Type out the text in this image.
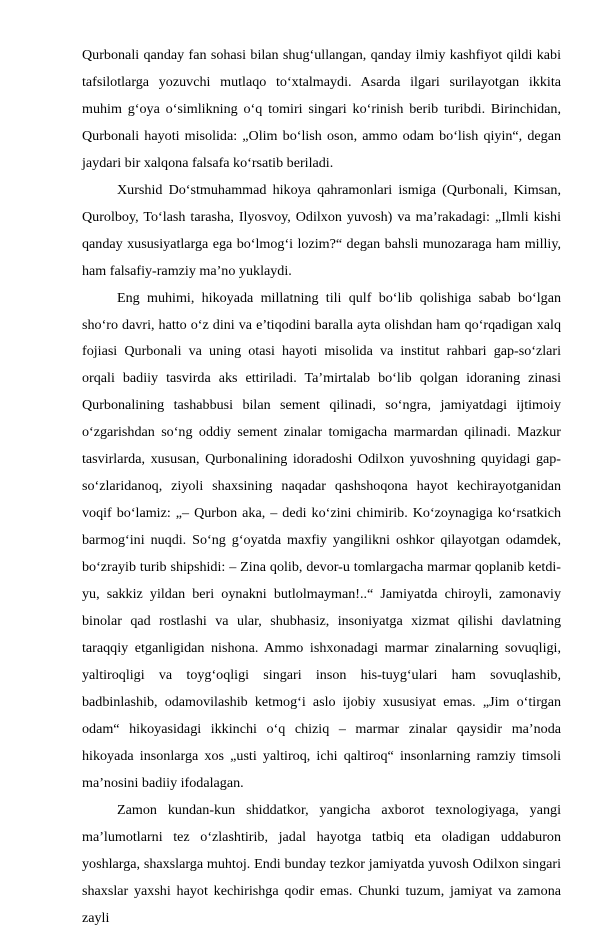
Qurbonali qanday fan sohasi bilan shug‘ullangan, qanday ilmiy kashfiyot qildi kabi tafsilotlarga yozuvchi mutlaqo to‘xtalmaydi. Asarda ilgari surilayotgan ikkita muhim g‘oya o‘simlikning o‘q tomiri singari ko‘rinish berib turibdi. Birinchidan, Qurbonali hayoti misolida: „Olim bo‘lish oson, ammo odam bo‘lish qiyin“, degan jaydari bir xalqona falsafa ko‘rsatib beriladi.

Xurshid Do‘stmuhammad hikoya qahramonlari ismiga (Qurbonali, Kimsan, Qurolboy, To‘lash tarasha, Ilyosvoy, Odilxon yuvosh) va ma’rakadagi: „Ilmli kishi qanday xususiyatlarga ega bo‘lmog‘i lozim?“ degan bahsli munozaraga ham milliy, ham falsafiy-ramziy ma’no yuklaydi.

Eng muhimi, hikoyada millatning tili qulf bo‘lib qolishiga sabab bo‘lgan sho‘ro davri, hatto o‘z dini va e’tiqodini baralla ayta olishdan ham qo‘rqadigan xalq fojiasi Qurbonali va uning otasi hayoti misolida va institut rahbari gap-so‘zlari orqali badiiy tasvirda aks ettiriladi. Ta’mirtalab bo‘lib qolgan idoraning zinasi Qurbonalining tashabbusi bilan sement qilinadi, so‘ngra, jamiyatdagi ijtimoiy o‘zgarishdan so‘ng oddiy sement zinalar tomigacha marmardan qilinadi. Mazkur tasvirlarda, xususan, Qurbonalining idoradoshi Odilxon yuvoshning quyidagi gap-so‘zlaridanoq, ziyoli shaxsining naqadar qashshoqona hayot kechirayotganidan voqif bo‘lamiz: „– Qurbon aka, – dedi ko‘zini chimirib. Ko‘zoynagiga ko‘rsatkich barmog‘ini nuqdi. So‘ng g‘oyatda maxfiy yangilikni oshkor qilayotgan odamdek, bo‘zrayib turib shipshidi: – Zina qolib, devor-u tomlargacha marmar qoplanib ketdi-yu, sakkiz yildan beri oynakni butlolmayman!..“ Jamiyatda chiroyli, zamonaviy binolar qad rostlashi va ular, shubhasiz, insoniyatga xizmat qilishi davlatning taraqqiy etganligidan nishona. Ammo ishxonadagi marmar zinalarning sovuqligi, yaltiroqligi va toyg‘oqligi singari inson his-tuyg‘ulari ham sovuqlashib, badbinlashib, odamovilashib ketmog‘i aslo ijobiy xususiyat emas. „Jim o‘tirgan odam“ hikoyasidagi ikkinchi o‘q chiziq – marmar zinalar qaysidir ma’noda hikoyada insonlarga xos „usti yaltiroq, ichi qaltiroq“ insonlarning ramziy timsoli ma’nosini badiiy ifodalagan.

Zamon kundan-kun shiddatkor, yangicha axborot texnologiyaga, yangi ma’lumotlarni tez o‘zlashtirib, jadal hayotga tatbiq eta oladigan uddaburon yoshlarga, shaxslarga muhtoj. Endi bunday tezkor jamiyatda yuvosh Odilxon singari shaxslar yaxshi hayot kechirishga qodir emas. Chunki tuzum, jamiyat va zamona zayli
